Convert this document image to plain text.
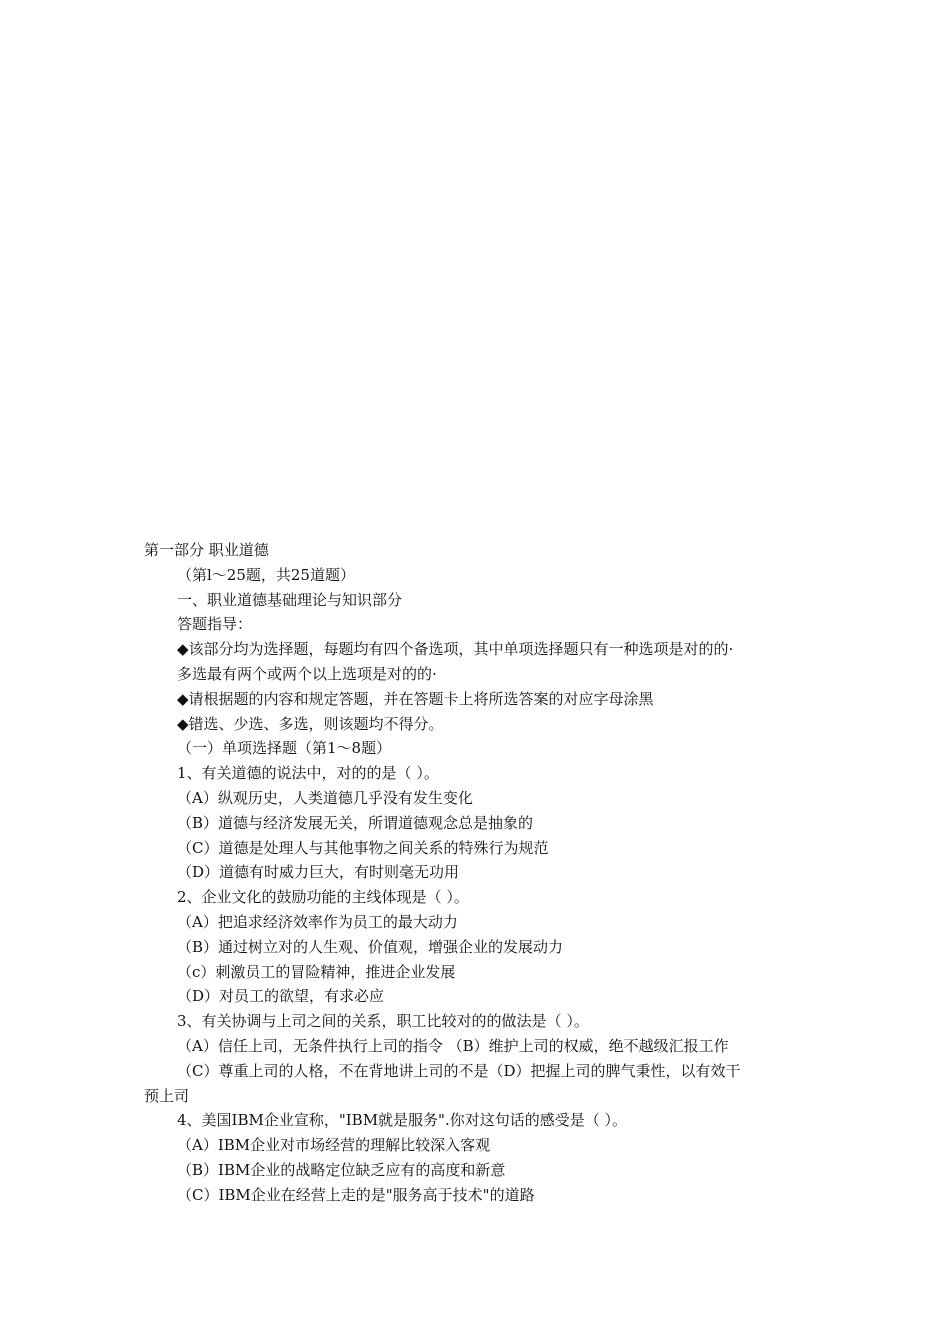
第一部分 职业道德
（第l～25题，共25道题）
一、职业道德基础理论与知识部分
答题指导：
◆该部分均为选择题，每题均有四个备选项，其中单项选择题只有一种选项是对的的·
多选最有两个或两个以上选项是对的的·
◆请根据题的内容和规定答题，并在答题卡上将所选答案的对应字母涂黑
◆错选、少选、多选，则该题均不得分。
（一）单项选择题（第1～8题）
1、有关道德的说法中，对的的是（ ）。
（A）纵观历史，人类道德几乎没有发生变化
（B）道德与经济发展无关，所谓道德观念总是抽象的
（C）道德是处理人与其他事物之间关系的特殊行为规范
（D）道德有时威力巨大，有时则毫无功用
2、企业文化的鼓励功能的主线体现是（ ）。
（A）把追求经济效率作为员工的最大动力
（B）通过树立对的人生观、价值观，增强企业的发展动力
（c）刺激员工的冒险精神，推进企业发展
（D）对员工的欲望，有求必应
3、有关协调与上司之间的关系，职工比较对的的做法是（ ）。
（A）信任上司，无条件执行上司的指令 （B）维护上司的权威，绝不越级汇报工作
（C）尊重上司的人格，不在背地讲上司的不是（D）把握上司的脾气秉性，以有效干
预上司
4、美国IBM企业宣称，"IBM就是服务".你对这句话的感受是（ ）。
（A）IBM企业对市场经营的理解比较深入客观
（B）IBM企业的战略定位缺乏应有的高度和新意
（C）IBM企业在经营上走的是"服务高于技术"的道路
